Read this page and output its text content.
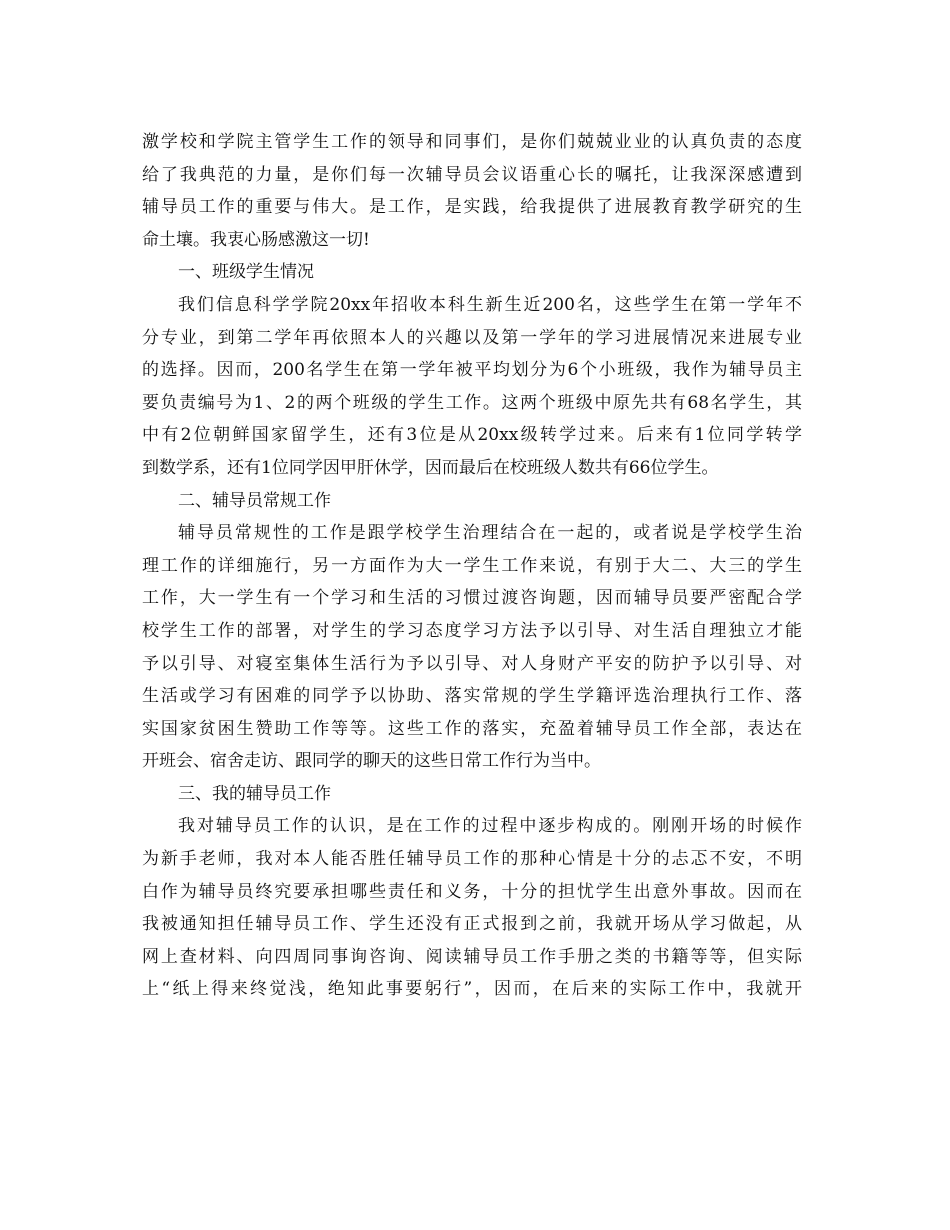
激学校和学院主管学生工作的领导和同事们，是你们兢兢业业的认真负责的态度
给了我典范的力量，是你们每一次辅导员会议语重心长的嘱托，让我深深感遭到
辅导员工作的重要与伟大。是工作，是实践，给我提供了进展教育教学研究的生
命土壤。我衷心肠感激这一切!
一、班级学生情况
我们信息科学学院20xx年招收本科生新生近200名，这些学生在第一学年不
分专业，到第二学年再依照本人的兴趣以及第一学年的学习进展情况来进展专业
的选择。因而，200名学生在第一学年被平均划分为6个小班级，我作为辅导员主
要负责编号为1、2的两个班级的学生工作。这两个班级中原先共有68名学生，其
中有2位朝鲜国家留学生，还有3位是从20xx级转学过来。后来有1位同学转学
到数学系，还有1位同学因甲肝休学，因而最后在校班级人数共有66位学生。
二、辅导员常规工作
辅导员常规性的工作是跟学校学生治理结合在一起的，或者说是学校学生治
理工作的详细施行，另一方面作为大一学生工作来说，有别于大二、大三的学生
工作，大一学生有一个学习和生活的习惯过渡咨询题，因而辅导员要严密配合学
校学生工作的部署，对学生的学习态度学习方法予以引导、对生活自理独立才能
予以引导、对寝室集体生活行为予以引导、对人身财产平安的防护予以引导、对
生活或学习有困难的同学予以协助、落实常规的学生学籍评选治理执行工作、落
实国家贫困生赞助工作等等。这些工作的落实，充盈着辅导员工作全部，表达在
开班会、宿舍走访、跟同学的聊天的这些日常工作行为当中。
三、我的辅导员工作
我对辅导员工作的认识，是在工作的过程中逐步构成的。刚刚开场的时候作
为新手老师，我对本人能否胜任辅导员工作的那种心情是十分的忐忑不安，不明
白作为辅导员终究要承担哪些责任和义务，十分的担忧学生出意外事故。因而在
我被通知担任辅导员工作、学生还没有正式报到之前，我就开场从学习做起，从
网上查材料、向四周同事询咨询、阅读辅导员工作手册之类的书籍等等，但实际
上“纸上得来终觉浅，绝知此事要躬行”，因而，在后来的实际工作中，我就开
